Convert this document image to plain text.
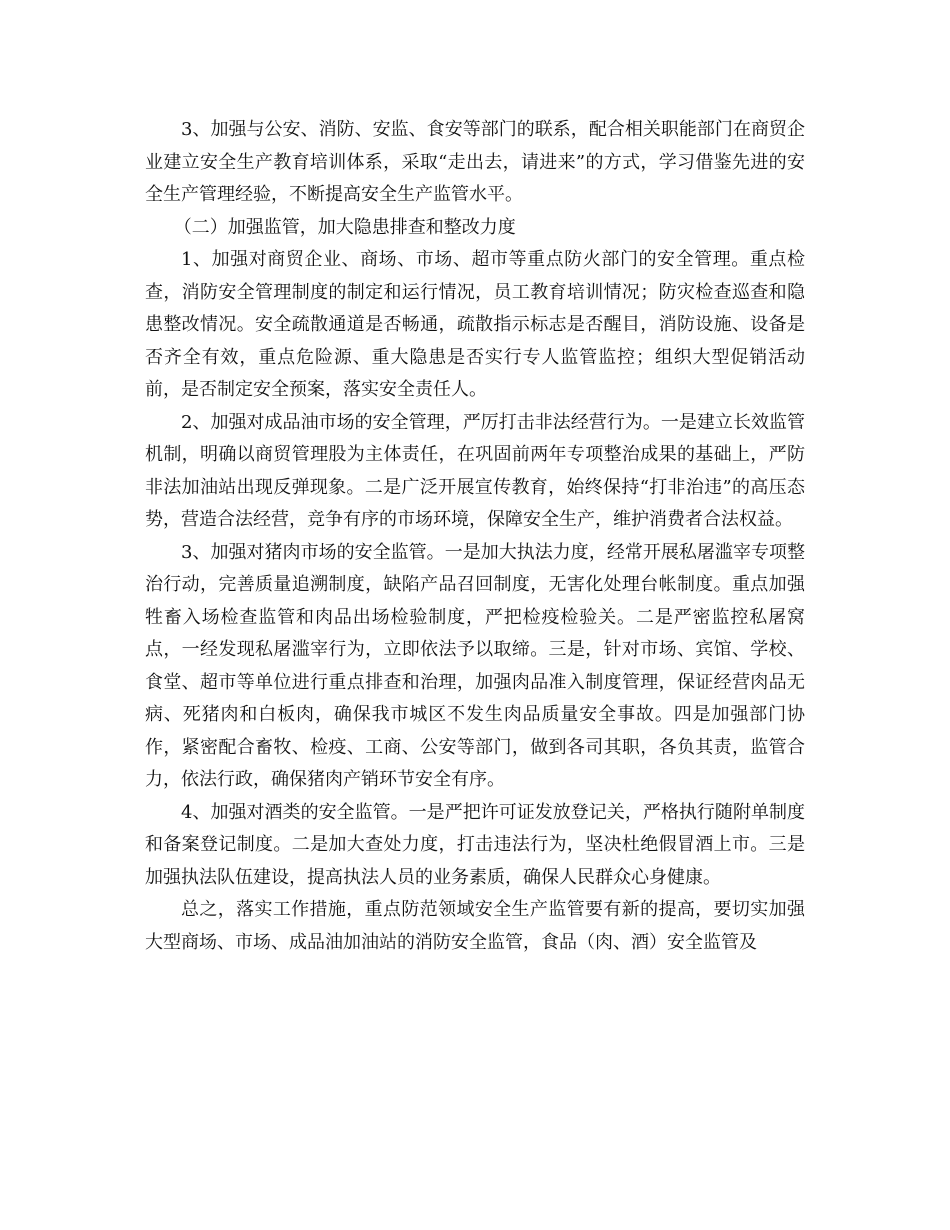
3、加强与公安、消防、安监、食安等部门的联系，配合相关职能部门在商贸企业建立安全生产教育培训体系，采取“走出去，请进来”的方式，学习借鉴先进的安全生产管理经验，不断提高安全生产监管水平。

（二）加强监管，加大隐患排查和整改力度

1、加强对商贸企业、商场、市场、超市等重点防火部门的安全管理。重点检查，消防安全管理制度的制定和运行情况，员工教育培训情况；防灾检查巡查和隐患整改情况。安全疏散通道是否畅通，疏散指示标志是否醒目，消防设施、设备是否齐全有效，重点危险源、重大隐患是否实行专人监管监控；组织大型促销活动前，是否制定安全预案，落实安全责任人。

2、加强对成品油市场的安全管理，严厉打击非法经营行为。一是建立长效监管机制，明确以商贸管理股为主体责任，在巩固前两年专项整治成果的基础上，严防非法加油站出现反弹现象。二是广泛开展宣传教育，始终保持“打非治违”的高压态势，营造合法经营，竞争有序的市场环境，保障安全生产，维护消费者合法权益。

3、加强对猪肉市场的安全监管。一是加大执法力度，经常开展私屠滥宰专项整治行动，完善质量追溯制度，缺陷产品召回制度，无害化处理台帐制度。重点加强牲畜入场检查监管和肉品出场检验制度，严把检疫检验关。二是严密监控私屠窝点，一经发现私屠滥宰行为，立即依法予以取缔。三是，针对市场、宾馆、学校、食堂、超市等单位进行重点排查和治理，加强肉品准入制度管理，保证经营肉品无病、死猪肉和白板肉，确保我市城区不发生肉品质量安全事故。四是加强部门协作，紧密配合畜牧、检疫、工商、公安等部门，做到各司其职，各负其责，监管合力，依法行政，确保猪肉产销环节安全有序。

4、加强对酒类的安全监管。一是严把许可证发放登记关，严格执行随附单制度和备案登记制度。二是加大查处力度，打击违法行为，坚决杜绝假冒酒上市。三是加强执法队伍建设，提高执法人员的业务素质，确保人民群众心身健康。

总之，落实工作措施，重点防范领域安全生产监管要有新的提高，要切实加强大型商场、市场、成品油加油站的消防安全监管，食品（肉、酒）安全监管及
